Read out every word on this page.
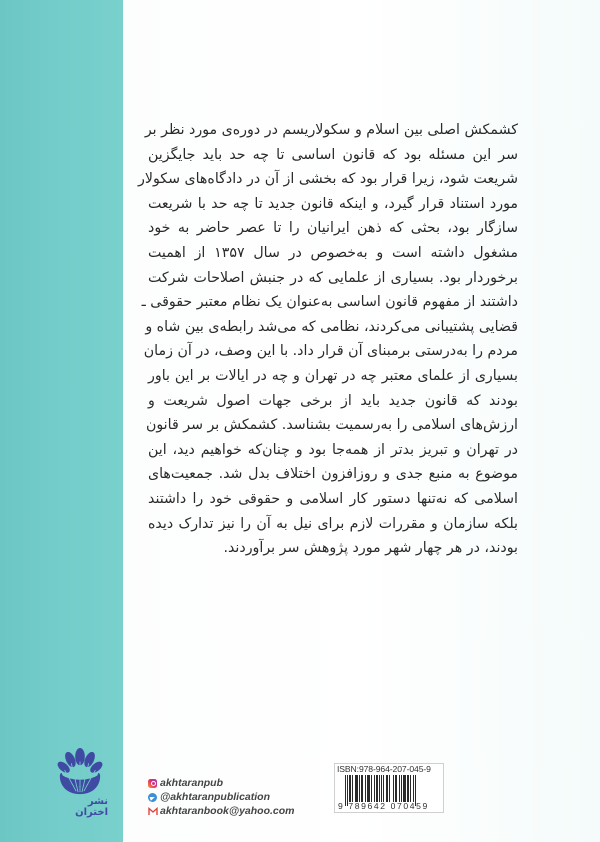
کشمکش اصلی بین اسلام و سکولاریسم در دوره‌ی مورد نظر بر
سر این مسئله بود که قانون اساسی تا چه حد باید جایگزین
شریعت شود، زیرا قرار بود که بخشی از آن در دادگاه‌های سکولار
مورد استناد قرار گیرد، و اینکه قانون جدید تا چه حد با شریعت
سازگار بود، بحثی که ذهن ایرانیان را تا عصر حاضر به خود
مشغول داشته است و به‌خصوص در سال ۱۳۵۷ از اهمیت
برخوردار بود. بسیاری از علمایی که در جنبش اصلاحات شرکت
داشتند از مفهوم قانون اساسی به‌عنوان یک نظام معتبر حقوقی ـ
قضایی پشتیبانی می‌کردند، نظامی که می‌شد رابطه‌ی بین شاه و
مردم را به‌درستی برمبنای آن قرار داد. با این وصف، در آن زمان
بسیاری از علمای معتبر چه در تهران و چه در ایالات بر این باور
بودند که قانون جدید باید از برخی جهات اصول شریعت و
ارزش‌های اسلامی را به‌رسمیت بشناسد. کشمکش بر سر قانون
در تهران و تبریز بدتر از همه‌جا بود و چنان‌که خواهیم دید، این
موضوع به منبع جدی و روزافزون اختلاف بدل شد. جمعیت‌های
اسلامی که نه‌تنها دستور کار اسلامی و حقوقی خود را داشتند
بلکه سازمان و مقررات لازم برای نیل به آن را نیز تدارک دیده
بودند، در هر چهار شهر مورد پژوهش سر برآوردند.
نشر اختران
akhtaranpub
@akhtaranpublication
akhtaranbook@yahoo.com
ISBN:978-964-207-045-9
9 789642 070459
